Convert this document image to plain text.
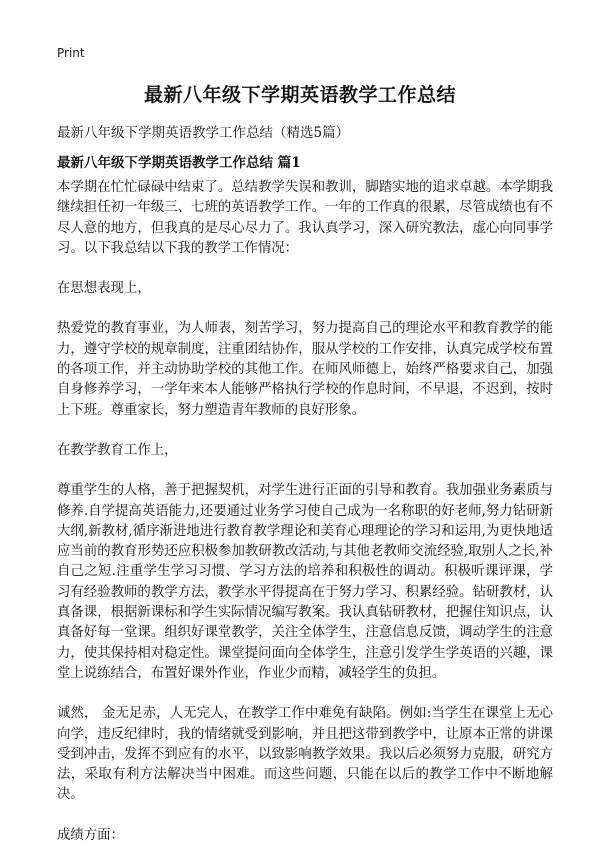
Print
最新八年级下学期英语教学工作总结

最新八年级下学期英语教学工作总结（精选5篇）

最新八年级下学期英语教学工作总结 篇1

本学期在忙忙碌碌中结束了。总结教学失误和教训，脚踏实地的追求卓越。本学期我继续担任初一年级三、七班的英语教学工作。一年的工作真的很累，尽管成绩也有不尽人意的地方，但我真的是尽心尽力了。我认真学习，深入研究教法，虚心向同事学习。以下我总结以下我的教学工作情况：

在思想表现上，

热爱党的教育事业，为人师表，刻苦学习，努力提高自己的理论水平和教育教学的能力，遵守学校的规章制度，注重团结协作，服从学校的工作安排，认真完成学校布置的各项工作，并主动协助学校的其他工作。在师风师德上，始终严格要求自己，加强自身修养学习，一学年来本人能够严格执行学校的作息时间，不早退，不迟到，按时上下班。尊重家长，努力塑造青年教师的良好形象。

在教学教育工作上，

尊重学生的人格，善于把握契机，对学生进行正面的引导和教育。我加强业务素质与修养.自学提高英语能力,还要通过业务学习使自己成为一名称职的好老师,努力钻研新大纲,新教材,循序渐进地进行教育教学理论和美育心理理论的学习和运用,为更快地适应当前的教育形势还应积极参加教研教改活动,与其他老教师交流经验,取别人之长,补自己之短.注重学生学习习惯、学习方法的培养和积极性的调动。积极听课评课，学习有经验教师的教学方法，教学水平得提高在于努力学习、积累经验。钻研教材，认真备课，根据新课标和学生实际情况编写教案。我认真钻研教材，把握住知识点，认真备好每一堂课。组织好课堂教学，关注全体学生，注意信息反馈，调动学生的注意力，使其保持相对稳定性。课堂提问面向全体学生，注意引发学生学英语的兴趣，课堂上说练结合，布置好课外作业，作业少而精，减轻学生的负担。

诚然， 金无足赤，人无完人，在教学工作中难免有缺陷。例如:当学生在课堂上无心向学，违反纪律时，我的情绪就受到影响，并且把这带到教学中，让原本正常的讲课受到冲击，发挥不到应有的水平，以致影响教学效果。我以后必须努力克服，研究方法，采取有利方法解决当中困难。而这些问题，只能在以后的教学工作中不断地解决。

成绩方面：
